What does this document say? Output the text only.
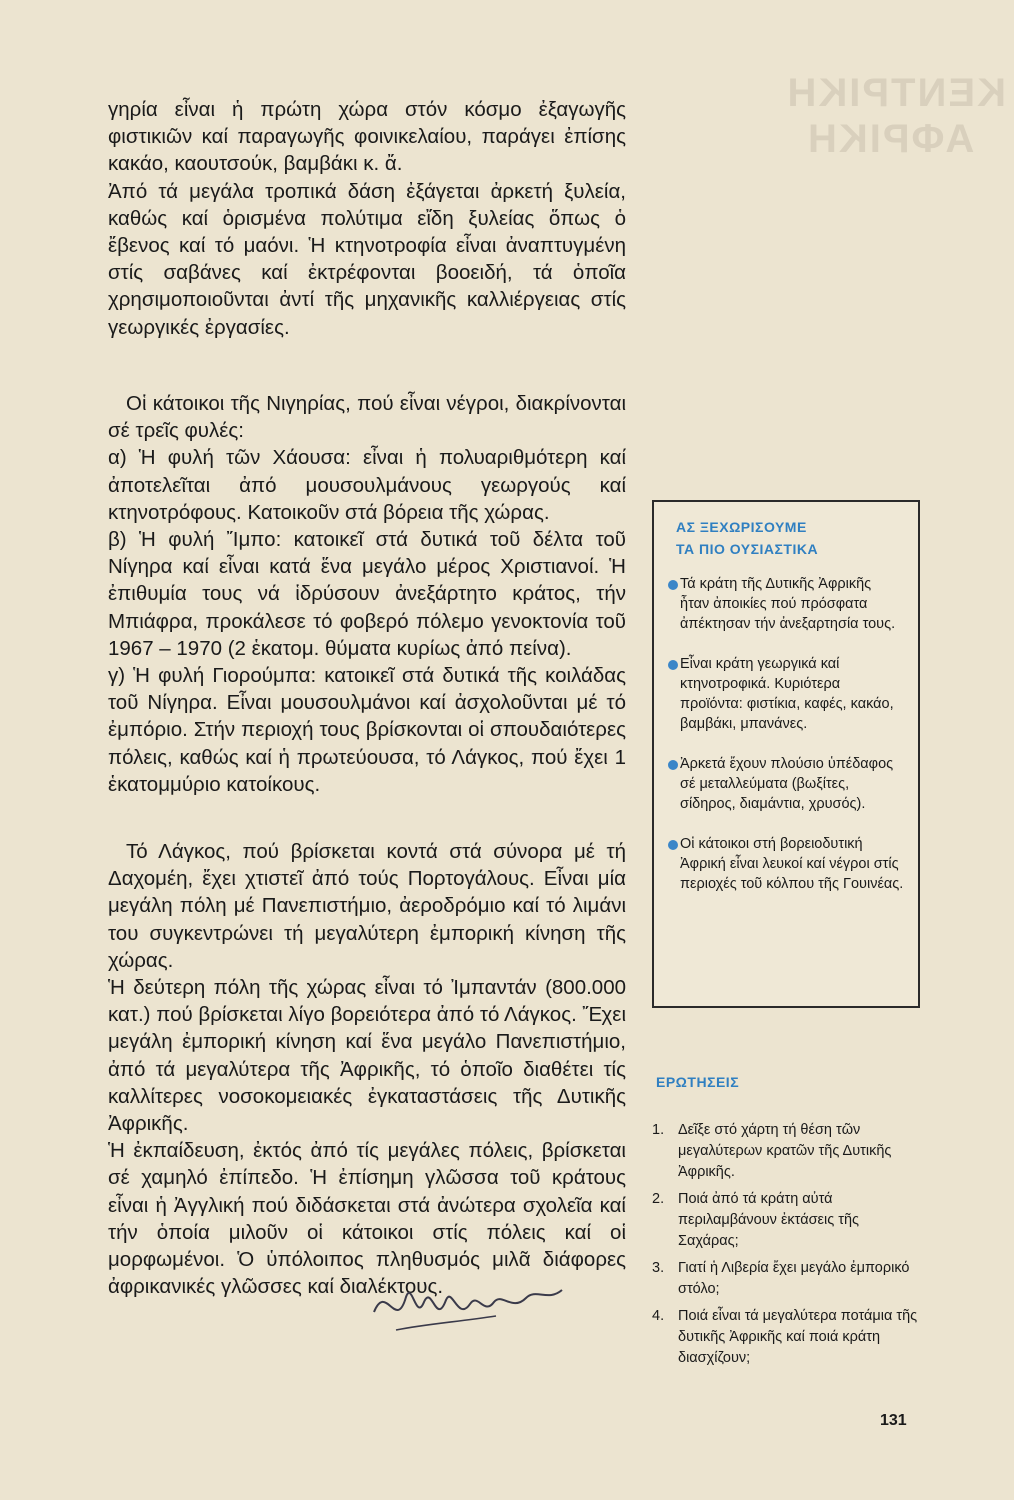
ΚΕΝΤΡΙΚΗ
ΑΦΡΙΚΗ

γηρία εἶναι ἡ πρώτη χώρα στόν κόσμο ἐξαγωγῆς φιστικιῶν καί παραγωγῆς φοινικελαίου, παράγει ἐπίσης κακάο, καουτσούκ, βαμβάκι κ. ἄ.

Ἀπό τά μεγάλα τροπικά δάση ἐξάγεται ἀρκετή ξυλεία, καθώς καί ὁρισμένα πολύτιμα εἴδη ξυλείας ὅπως ὁ ἔβενος καί τό μαόνι. Ἡ κτηνοτροφία εἶναι ἀναπτυγμένη στίς σαβάνες καί ἐκτρέφονται βοοειδή, τά ὁποῖα χρησιμοποιοῦνται ἀντί τῆς μηχανικῆς καλλιέργειας στίς γεωργικές ἐργασίες.

Οἱ κάτοικοι τῆς Νιγηρίας, πού εἶναι νέγροι, διακρίνονται σέ τρεῖς φυλές:

α) Ἡ φυλή τῶν Χάουσα: εἶναι ἡ πολυαριθμότερη καί ἀποτελεῖται ἀπό μουσουλμάνους γεωργούς καί κτηνοτρόφους. Κατοικοῦν στά βόρεια τῆς χώρας.

β) Ἡ φυλή Ἴμπο: κατοικεῖ στά δυτικά τοῦ δέλτα τοῦ Νίγηρα καί εἶναι κατά ἕνα μεγάλο μέρος Χριστιανοί. Ἡ ἐπιθυμία τους νά ἱδρύσουν ἀνεξάρτητο κράτος, τήν Μπιάφρα, προκάλεσε τό φοβερό πόλεμο γενοκτονία τοῦ 1967 – 1970 (2 ἑκατομ. θύματα κυρίως ἀπό πείνα).

γ) Ἡ φυλή Γιορούμπα: κατοικεῖ στά δυτικά τῆς κοιλάδας τοῦ Νίγηρα. Εἶναι μουσουλμάνοι καί ἀσχολοῦνται μέ τό ἐμπόριο. Στήν περιοχή τους βρίσκονται οἱ σπουδαιότερες πόλεις, καθώς καί ἡ πρωτεύουσα, τό Λάγκος, πού ἔχει 1 ἑκατομμύριο κατοίκους.

Τό Λάγκος, πού βρίσκεται κοντά στά σύνορα μέ τή Δαχομέη, ἔχει χτιστεῖ ἀπό τούς Πορτογάλους. Εἶναι μία μεγάλη πόλη μέ Πανεπιστήμιο, ἀεροδρόμιο καί τό λιμάνι του συγκεντρώνει τή μεγαλύτερη ἐμπορική κίνηση τῆς χώρας.

Ἡ δεύτερη πόλη τῆς χώρας εἶναι τό Ἰμπαντάν (800.000 κατ.) πού βρίσκεται λίγο βορειότερα ἀπό τό Λάγκος. Ἔχει μεγάλη ἐμπορική κίνηση καί ἕνα μεγάλο Πανεπιστήμιο, ἀπό τά μεγαλύτερα τῆς Ἀφρικῆς, τό ὁποῖο διαθέτει τίς καλλίτερες νοσοκομειακές ἐγκαταστάσεις τῆς Δυτικῆς Ἀφρικῆς.

Ἡ ἐκπαίδευση, ἐκτός ἀπό τίς μεγάλες πόλεις, βρίσκεται σέ χαμηλό ἐπίπεδο. Ἡ ἐπίσημη γλῶσσα τοῦ κράτους εἶναι ἡ Ἀγγλική πού διδάσκεται στά ἀνώτερα σχολεῖα καί τήν ὁποία μιλοῦν οἱ κάτοικοι στίς πόλεις καί οἱ μορφωμένοι. Ὁ ὑπόλοιπος πληθυσμός μιλᾶ διάφορες ἀφρικανικές γλῶσσες καί διαλέκτους.

ΑΣ ΞΕΧΩΡΙΣΟΥΜΕ
ΤΑ ΠΙΟ ΟΥΣΙΑΣΤΙΚΑ
Τά κράτη τῆς Δυτικῆς Ἀφρικῆς ἦταν ἀποικίες πού πρόσφατα ἀπέκτησαν τήν ἀνεξαρτησία τους.
Εἶναι κράτη γεωργικά καί κτηνοτροφικά. Κυριότερα προϊόντα: φιστίκια, καφές, κακάο, βαμβάκι, μπανάνες.
Ἀρκετά ἔχουν πλούσιο ὑπέδαφος σέ μεταλλεύματα (βωξίτες, σίδηρος, διαμάντια, χρυσός).
Οἱ κάτοικοι στή βορειοδυτική Ἀφρική εἶναι λευκοί καί νέγροι στίς περιοχές τοῦ κόλπου τῆς Γουινέας.
ΕΡΩΤΗΣΕΙΣ
1. Δεῖξε στό χάρτη τή θέση τῶν μεγαλύτερων κρατῶν τῆς Δυτικῆς Ἀφρικῆς.
2. Ποιά ἀπό τά κράτη αὐτά περιλαμβάνουν ἐκτάσεις τῆς Σαχάρας;
3. Γιατί ἡ Λιβερία ἔχει μεγάλο ἐμπορικό στόλο;
4. Ποιά εἶναι τά μεγαλύτερα ποτάμια τῆς δυτικῆς Ἀφρικῆς καί ποιά κράτη διασχίζουν;
131
